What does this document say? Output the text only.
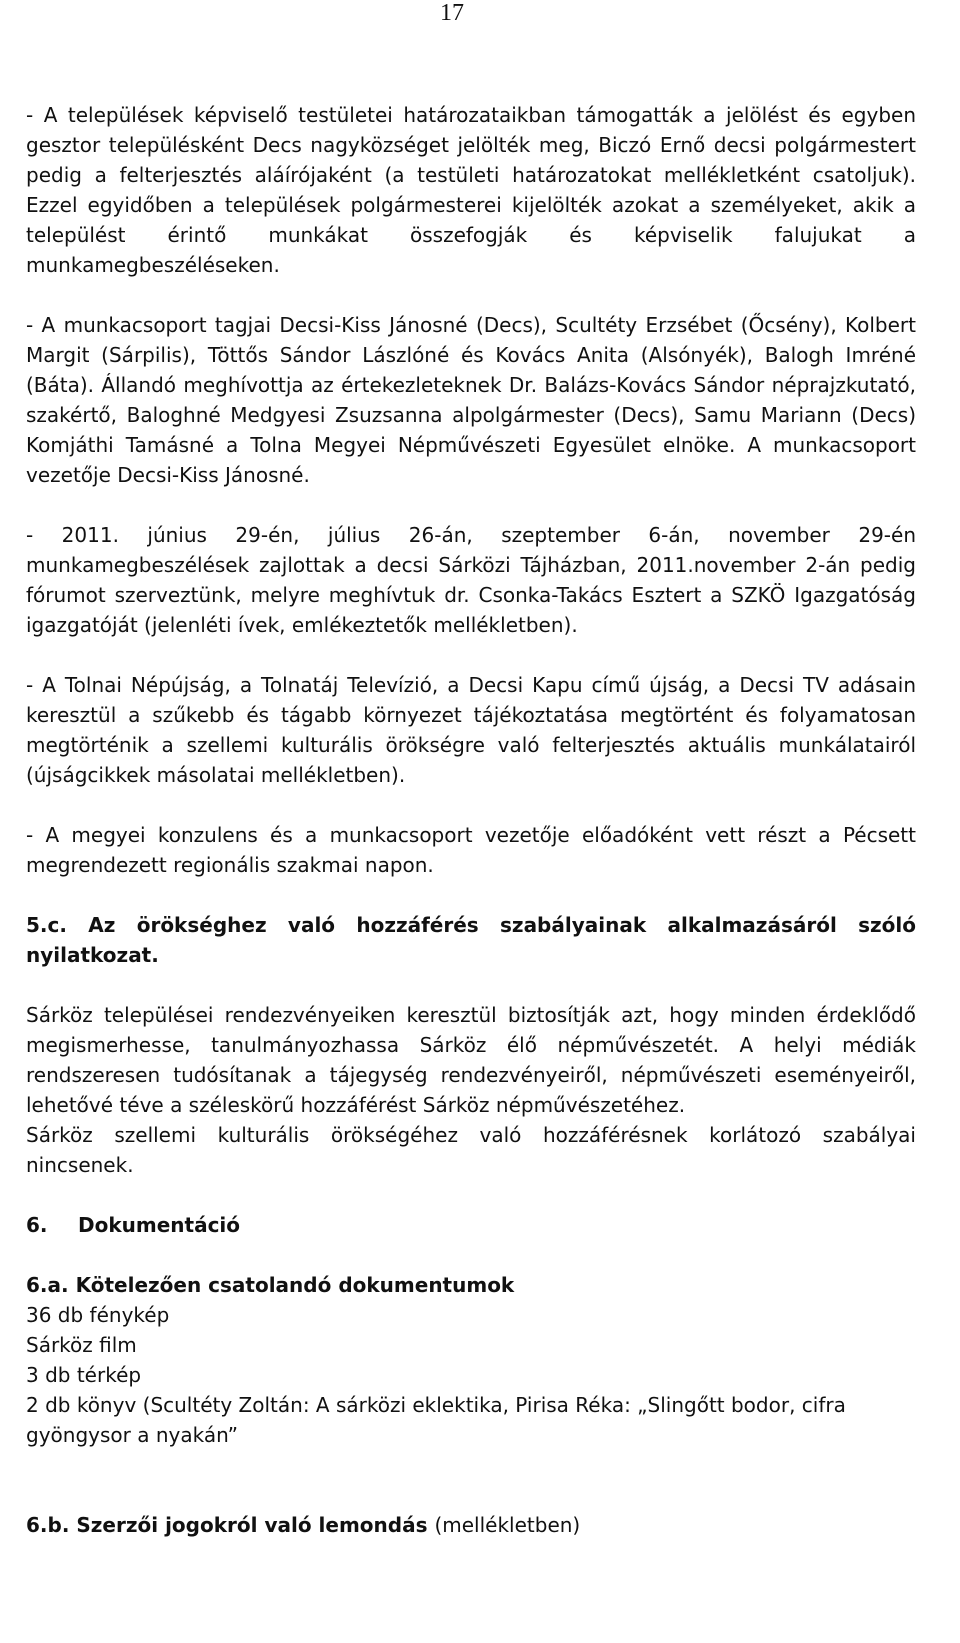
17

- A települések képviselő testületei határozataikban támogatták a jelölést és egyben gesztor településként Decs nagyközséget jelölték meg, Biczó Ernő decsi polgármestert pedig a felterjesztés aláírójaként (a testületi határozatokat mellékletként csatoljuk). Ezzel egyidőben a települések polgármesterei kijelölték azokat a személyeket, akik a települést érintő munkákat összefogják és képviselik falujukat a munkamegbeszéléseken.

- A munkacsoport tagjai Decsi-Kiss Jánosné (Decs), Scultéty Erzsébet (Őcsény), Kolbert Margit (Sárpilis), Töttős Sándor Lászlóné és Kovács Anita (Alsónyék), Balogh Imréné (Báta). Állandó meghívottja az értekezleteknek Dr. Balázs-Kovács Sándor néprajzkutató, szakértő, Baloghné Medgyesi Zsuzsanna alpolgármester (Decs), Samu Mariann (Decs) Komjáthi Tamásné a Tolna Megyei Népművészeti Egyesület elnöke. A munkacsoport vezetője Decsi-Kiss Jánosné.

- 2011. június 29-én, július 26-án, szeptember 6-án, november 29-én munkamegbeszélések zajlottak a decsi Sárközi Tájházban, 2011.november 2-án pedig fórumot szerveztünk, melyre meghívtuk dr. Csonka-Takács Esztert a SZKÖ Igazgatóság igazgatóját (jelenléti ívek, emlékeztetők mellékletben).

- A Tolnai Népújság, a Tolnatáj Televízió, a Decsi Kapu című újság, a Decsi TV adásain keresztül a szűkebb és tágabb környezet tájékoztatása megtörtént és folyamatosan megtörténik a szellemi kulturális örökségre való felterjesztés aktuális munkálatairól (újságcikkek másolatai mellékletben).

- A megyei konzulens és a munkacsoport vezetője előadóként vett részt a Pécsett megrendezett regionális szakmai napon.

5.c. Az örökséghez való hozzáférés szabályainak alkalmazásáról szóló nyilatkozat.

Sárköz települései rendezvényeiken keresztül biztosítják azt, hogy minden érdeklődő megismerhesse, tanulmányozhassa Sárköz élő népművészetét. A helyi médiák rendszeresen tudósítanak a tájegység rendezvényeiről, népművészeti eseményeiről, lehetővé téve a széleskörű hozzáférést Sárköz népművészetéhez.

Sárköz szellemi kulturális örökségéhez való hozzáférésnek korlátozó szabályai nincsenek.

6. Dokumentáció

6.a. Kötelezően csatolandó dokumentumok

36 db fénykép

Sárköz film

3 db térkép

2 db könyv (Scultéty Zoltán: A sárközi eklektika, Pirisa Réka: „Slingőtt bodor, cifra gyöngysor a nyakán”

6.b. Szerzői jogokról való lemondás (mellékletben)
